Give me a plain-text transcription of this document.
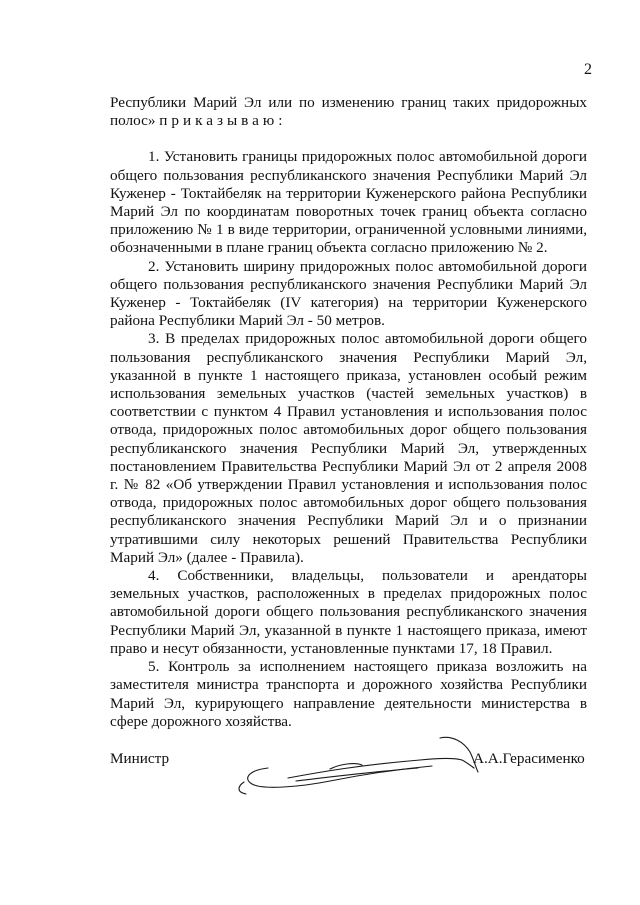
2

Республики Марий Эл или по изменению границ таких придорожных полос» приказываю:

1. Установить границы придорожных полос автомобильной дороги общего пользования республиканского значения Республики Марий Эл Куженер - Токтайбеляк на территории Куженерского района Республики Марий Эл по координатам поворотных точек границ объекта согласно приложению № 1 в виде территории, ограниченной условными линиями, обозначенными в плане границ объекта согласно приложению № 2.

2. Установить ширину придорожных полос автомобильной дороги общего пользования республиканского значения Республики Марий Эл Куженер - Токтайбеляк (IV категория) на территории Куженерского района Республики Марий Эл - 50 метров.

3. В пределах придорожных полос автомобильной дороги общего пользования республиканского значения Республики Марий Эл, указанной в пункте 1 настоящего приказа, установлен особый режим использования земельных участков (частей земельных участков) в соответствии с пунктом 4 Правил установления и использования полос отвода, придорожных полос автомобильных дорог общего пользования республиканского значения Республики Марий Эл, утвержденных постановлением Правительства Республики Марий Эл от 2 апреля 2008 г. № 82 «Об утверждении Правил установления и использования полос отвода, придорожных полос автомобильных дорог общего пользования республиканского значения Республики Марий Эл и о признании утратившими силу некоторых решений Правительства Республики Марий Эл» (далее - Правила).

4. Собственники, владельцы, пользователи и арендаторы земельных участков, расположенных в пределах придорожных полос автомобильной дороги общего пользования республиканского значения Республики Марий Эл, указанной в пункте 1 настоящего приказа, имеют право и несут обязанности, установленные пунктами 17, 18 Правил.

5. Контроль за исполнением настоящего приказа возложить на заместителя министра транспорта и дорожного хозяйства Республики Марий Эл, курирующего направление деятельности министерства в сфере дорожного хозяйства.

Министр	А.А.Герасименко
